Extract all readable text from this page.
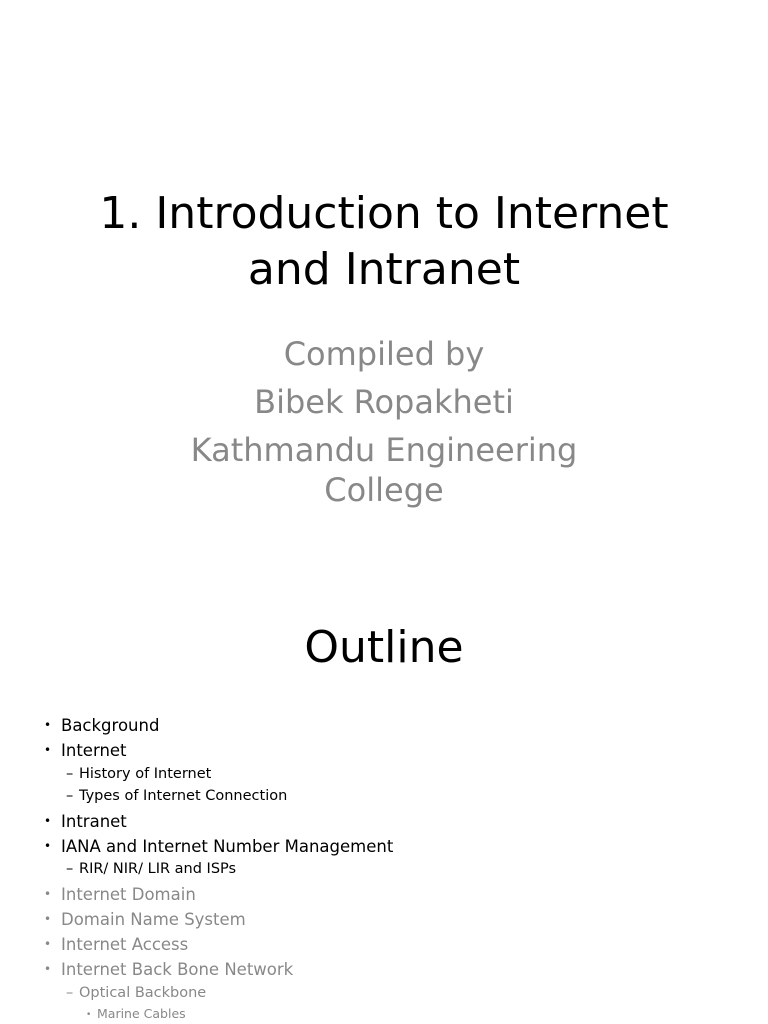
1. Introduction to Internet
and Intranet
Compiled by
Bibek Ropakheti
Kathmandu Engineering
College
Outline
• Background
• Internet
– History of Internet
– Types of Internet Connection
• Intranet
• IANA and Internet Number Management
– RIR/ NIR/ LIR and ISPs
• Internet Domain
• Domain Name System
• Internet Access
• Internet Back Bone Network
– Optical Backbone
• Marine Cables
